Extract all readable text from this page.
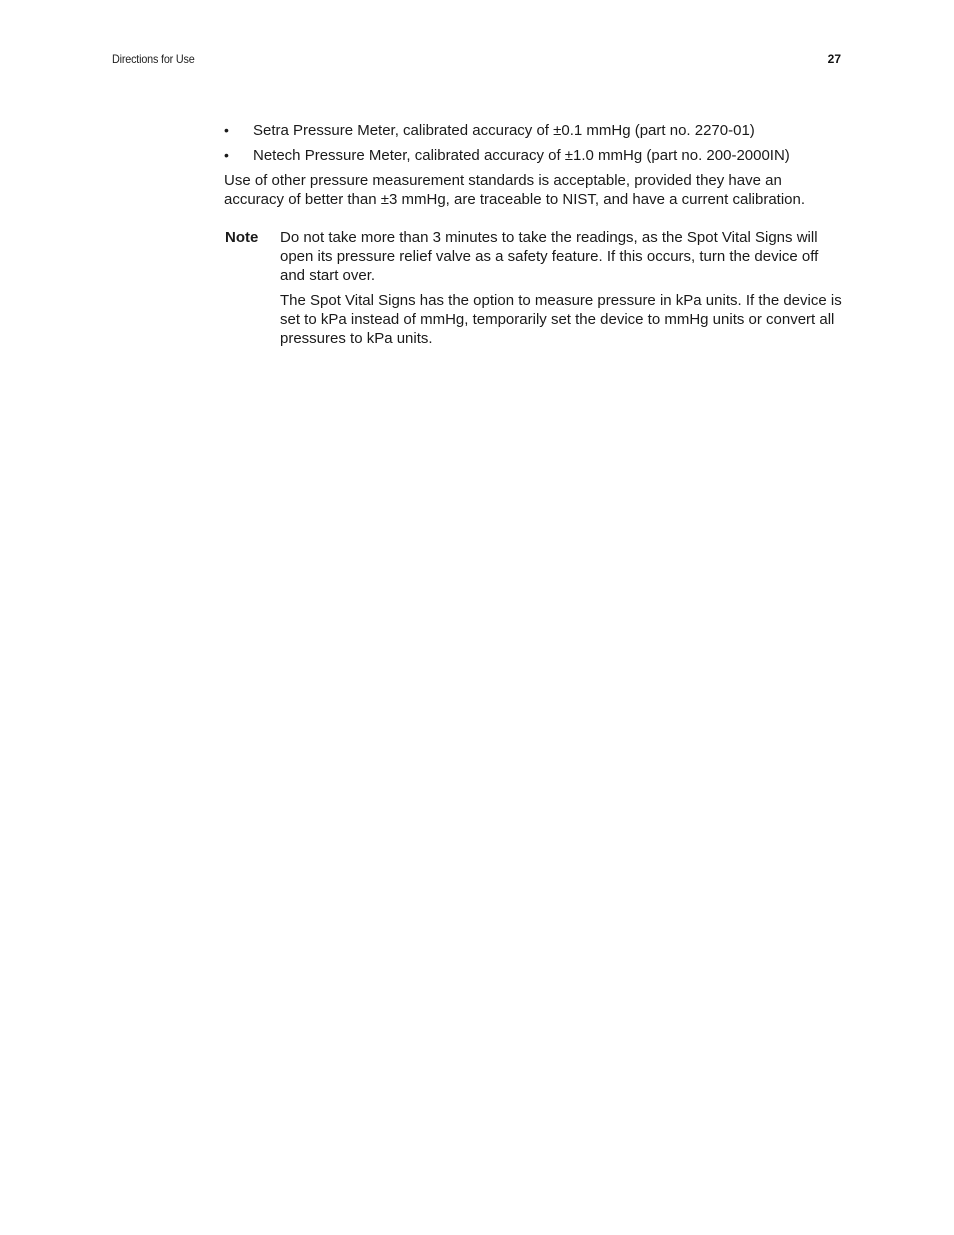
Directions for Use	27
• Setra Pressure Meter, calibrated accuracy of ±0.1 mmHg (part no. 2270-01)
• Netech Pressure Meter, calibrated accuracy of ±1.0 mmHg (part no. 200-2000IN)

Use of other pressure measurement standards is acceptable, provided they have an accuracy of better than ±3 mmHg, are traceable to NIST, and have a current calibration.

Note Do not take more than 3 minutes to take the readings, as the Spot Vital Signs will open its pressure relief valve as a safety feature. If this occurs, turn the device off and start over.

The Spot Vital Signs has the option to measure pressure in kPa units. If the device is set to kPa instead of mmHg, temporarily set the device to mmHg units or convert all pressures to kPa units.
